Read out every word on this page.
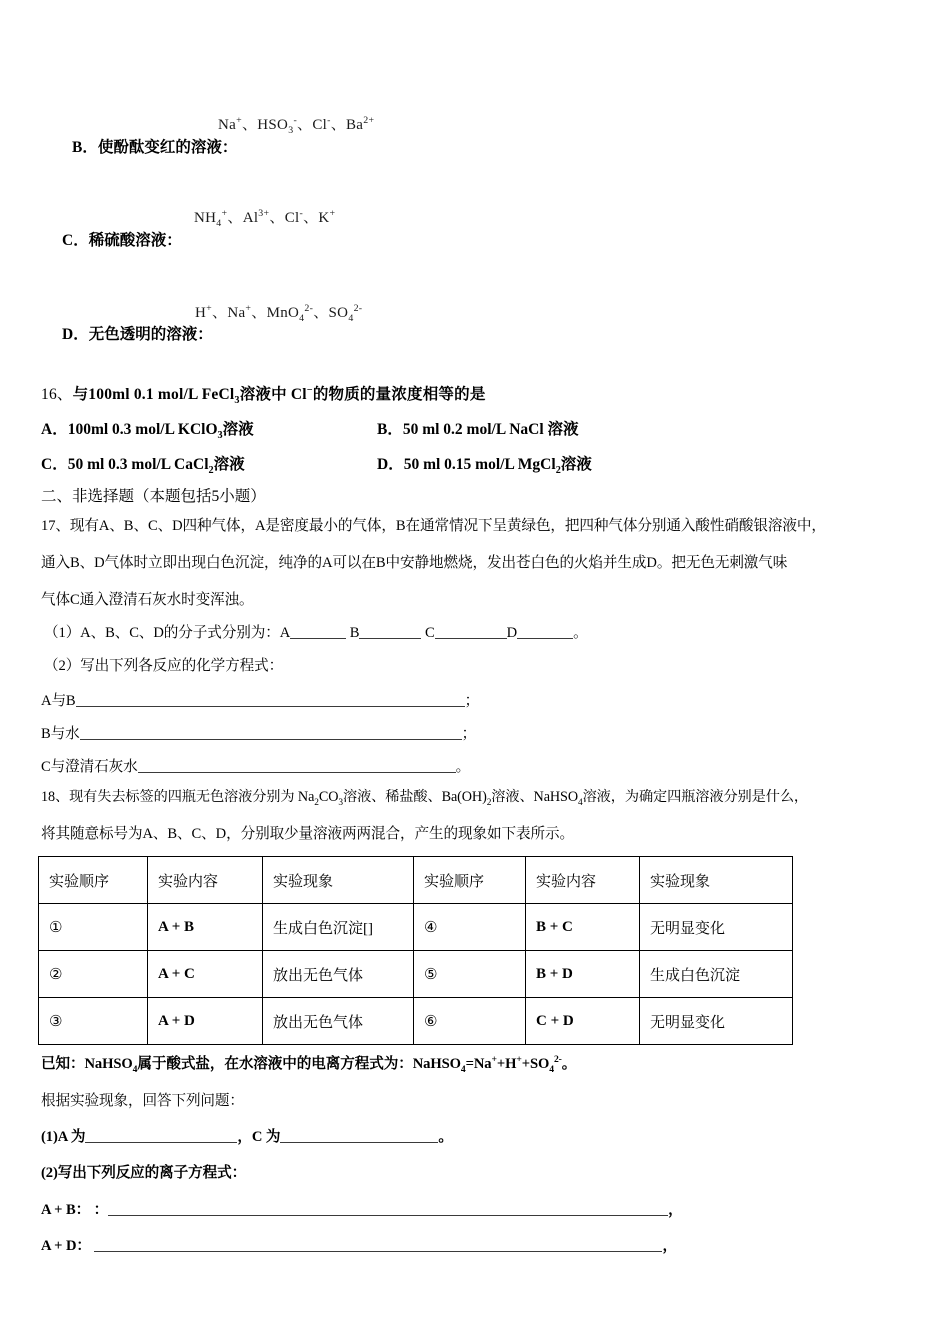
Na+、$HSO_3^-$、Cl-、$Ba^{2+}$
B．使酚酞变红的溶液：
$NH_4^+$、$Al^{3+}$、Cl-、K+
C．稀硫酸溶液：
H+、Na+、MnO$_4^{2-}$、$SO_4^{2-}$
D．无色透明的溶液：
16、与100ml 0.1 mol/L FeCl$_3$溶液中 Cl−的物质的量浓度相等的是
A．100ml 0.3 mol/L KClO$_3$溶液	B．50 ml 0.2 mol/L NaCl 溶液
C．50 ml 0.3 mol/L CaCl$_2$溶液	D．50 ml 0.15 mol/L MgCl$_2$溶液
二、非选择题（本题包括5小题）
17、现有A、B、C、D四种气体，A是密度最小的气体，B在通常情况下呈黄绿色，把四种气体分别通入酸性硝酸银溶液中，
通入B、D气体时立即出现白色沉淀，纯净的A可以在B中安静地燃烧，发出苍白色的火焰并生成D。把无色无刺激气味
气体C通入澄清石灰水时变浑浊。
（1）A、B、C、D的分子式分别为：A	B	C	D	。
（2）写出下列各反应的化学方程式：
A与B	；
B与水	；
C与澄清石灰水	。
18、现有失去标签的四瓶无色溶液分别为 $Na_2CO_3$溶液、稀盐酸、$Ba(OH)_2$溶液、NaHSO$_4$溶液，为确定四瓶溶液分别是什么，
将其随意标号为A、B、C、D，分别取少量溶液两两混合，产生的现象如下表所示。
实验顺序	实验内容	实验现象	实验顺序	实验内容	实验现象
①	A + B	生成白色沉淀[]	④	B + C	无明显变化
②	A + C	放出无色气体	⑤	B + D	生成白色沉淀
③	A + D	放出无色气体	⑥	C + D	无明显变化
已知：NaHSO$_4$属于酸式盐，在水溶液中的电离方程式为：$NaHSO_4=Na^++H^++SO_4^{2-}$。
根据实验现象，回答下列问题：
(1)A 为	，C 为	。
(2)写出下列反应的离子方程式：
A + B： ：	，
A + D：	，
